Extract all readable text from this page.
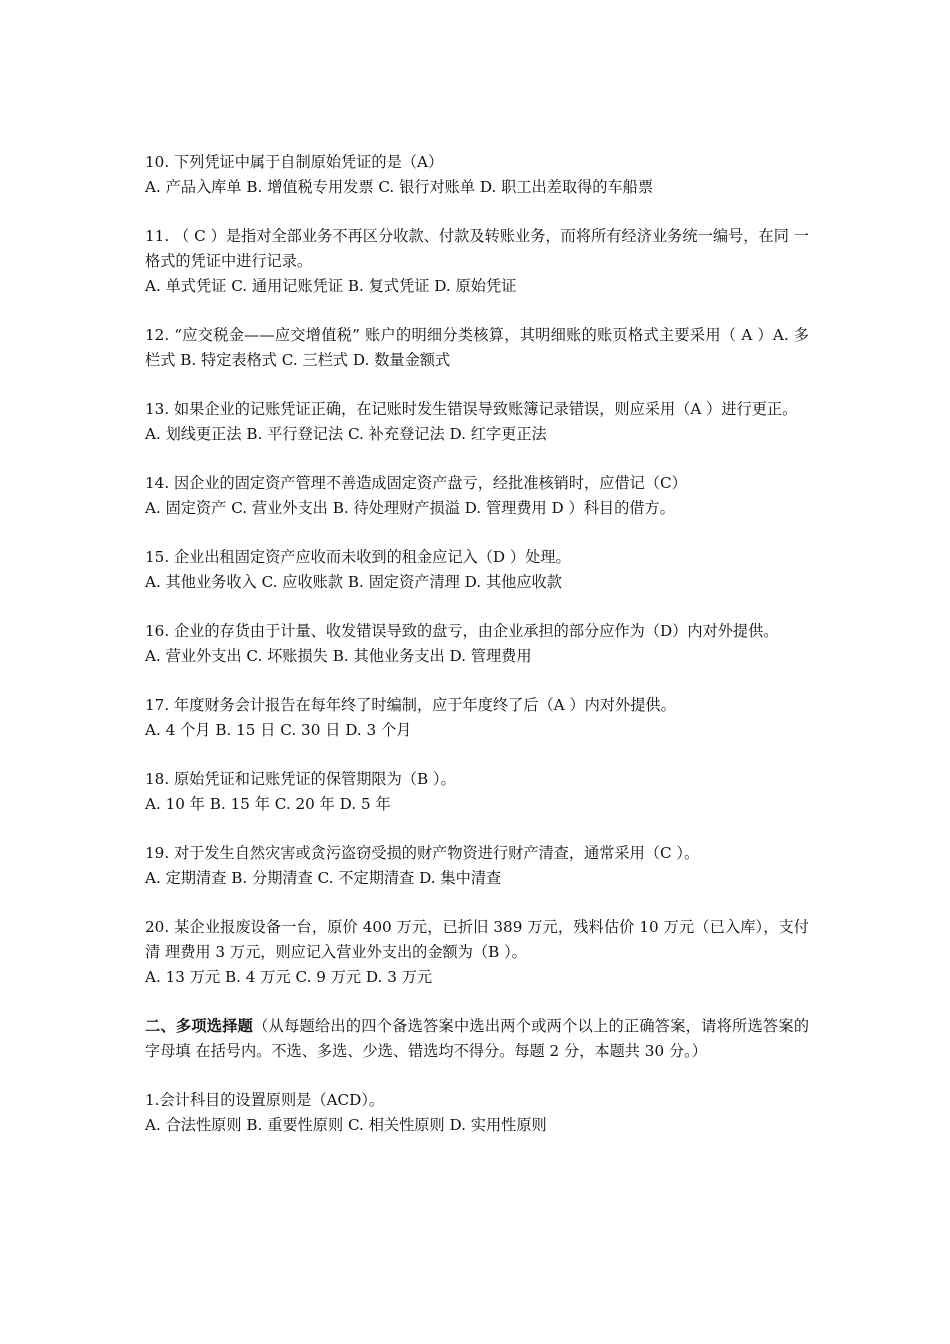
10. 下列凭证中属于自制原始凭证的是（A）
A. 产品入库单 B. 增值税专用发票 C. 银行对账单 D. 职工出差取得的车船票
11. （ C ）是指对全部业务不再区分收款、付款及转账业务，而将所有经济业务统一编号，在同 一格式的凭证中进行记录。
A. 单式凭证 C. 通用记账凭证 B. 复式凭证 D. 原始凭证
12. “应交税金——应交增值税” 账户的明细分类核算，其明细账的账页格式主要采用（ A ）A. 多栏式 B. 特定表格式 C. 三栏式 D. 数量金额式
13. 如果企业的记账凭证正确，在记账时发生错误导致账簿记录错误，则应采用（A ）进行更正。
A. 划线更正法 B. 平行登记法 C. 补充登记法 D. 红字更正法
14. 因企业的固定资产管理不善造成固定资产盘亏，经批准核销时，应借记（C）
A. 固定资产 C. 营业外支出 B. 待处理财产损溢 D. 管理费用 D ）科目的借方。
15. 企业出租固定资产应收而未收到的租金应记入（D ）处理。
A. 其他业务收入 C. 应收账款 B. 固定资产清理 D. 其他应收款
16. 企业的存货由于计量、收发错误导致的盘亏，由企业承担的部分应作为（D）内对外提供。
A. 营业外支出 C. 坏账损失 B. 其他业务支出 D. 管理费用
17. 年度财务会计报告在每年终了时编制，应于年度终了后（A ）内对外提供。
A. 4 个月 B. 15 日 C. 30 日 D. 3 个月
18. 原始凭证和记账凭证的保管期限为（B ）。
A. 10 年 B. 15 年 C. 20 年 D. 5 年
19. 对于发生自然灾害或贪污盗窃受损的财产物资进行财产清查，通常采用（C ）。
A. 定期清查 B. 分期清查 C. 不定期清查 D. 集中清查
20. 某企业报废设备一台，原价 400 万元，已折旧 389 万元，残料估价 10 万元（已入库），支付清 理费用 3 万元，则应记入营业外支出的金额为（B ）。
A. 13 万元 B. 4 万元 C. 9 万元 D. 3 万元
二、多项选择题（从每题给出的四个备选答案中选出两个或两个以上的正确答案，请将所选答案的字母填 在括号内。不选、多选、少选、错选均不得分。每题 2 分，本题共 30 分。）
1.会计科目的设置原则是（ACD）。
A. 合法性原则 B. 重要性原则 C. 相关性原则 D. 实用性原则
